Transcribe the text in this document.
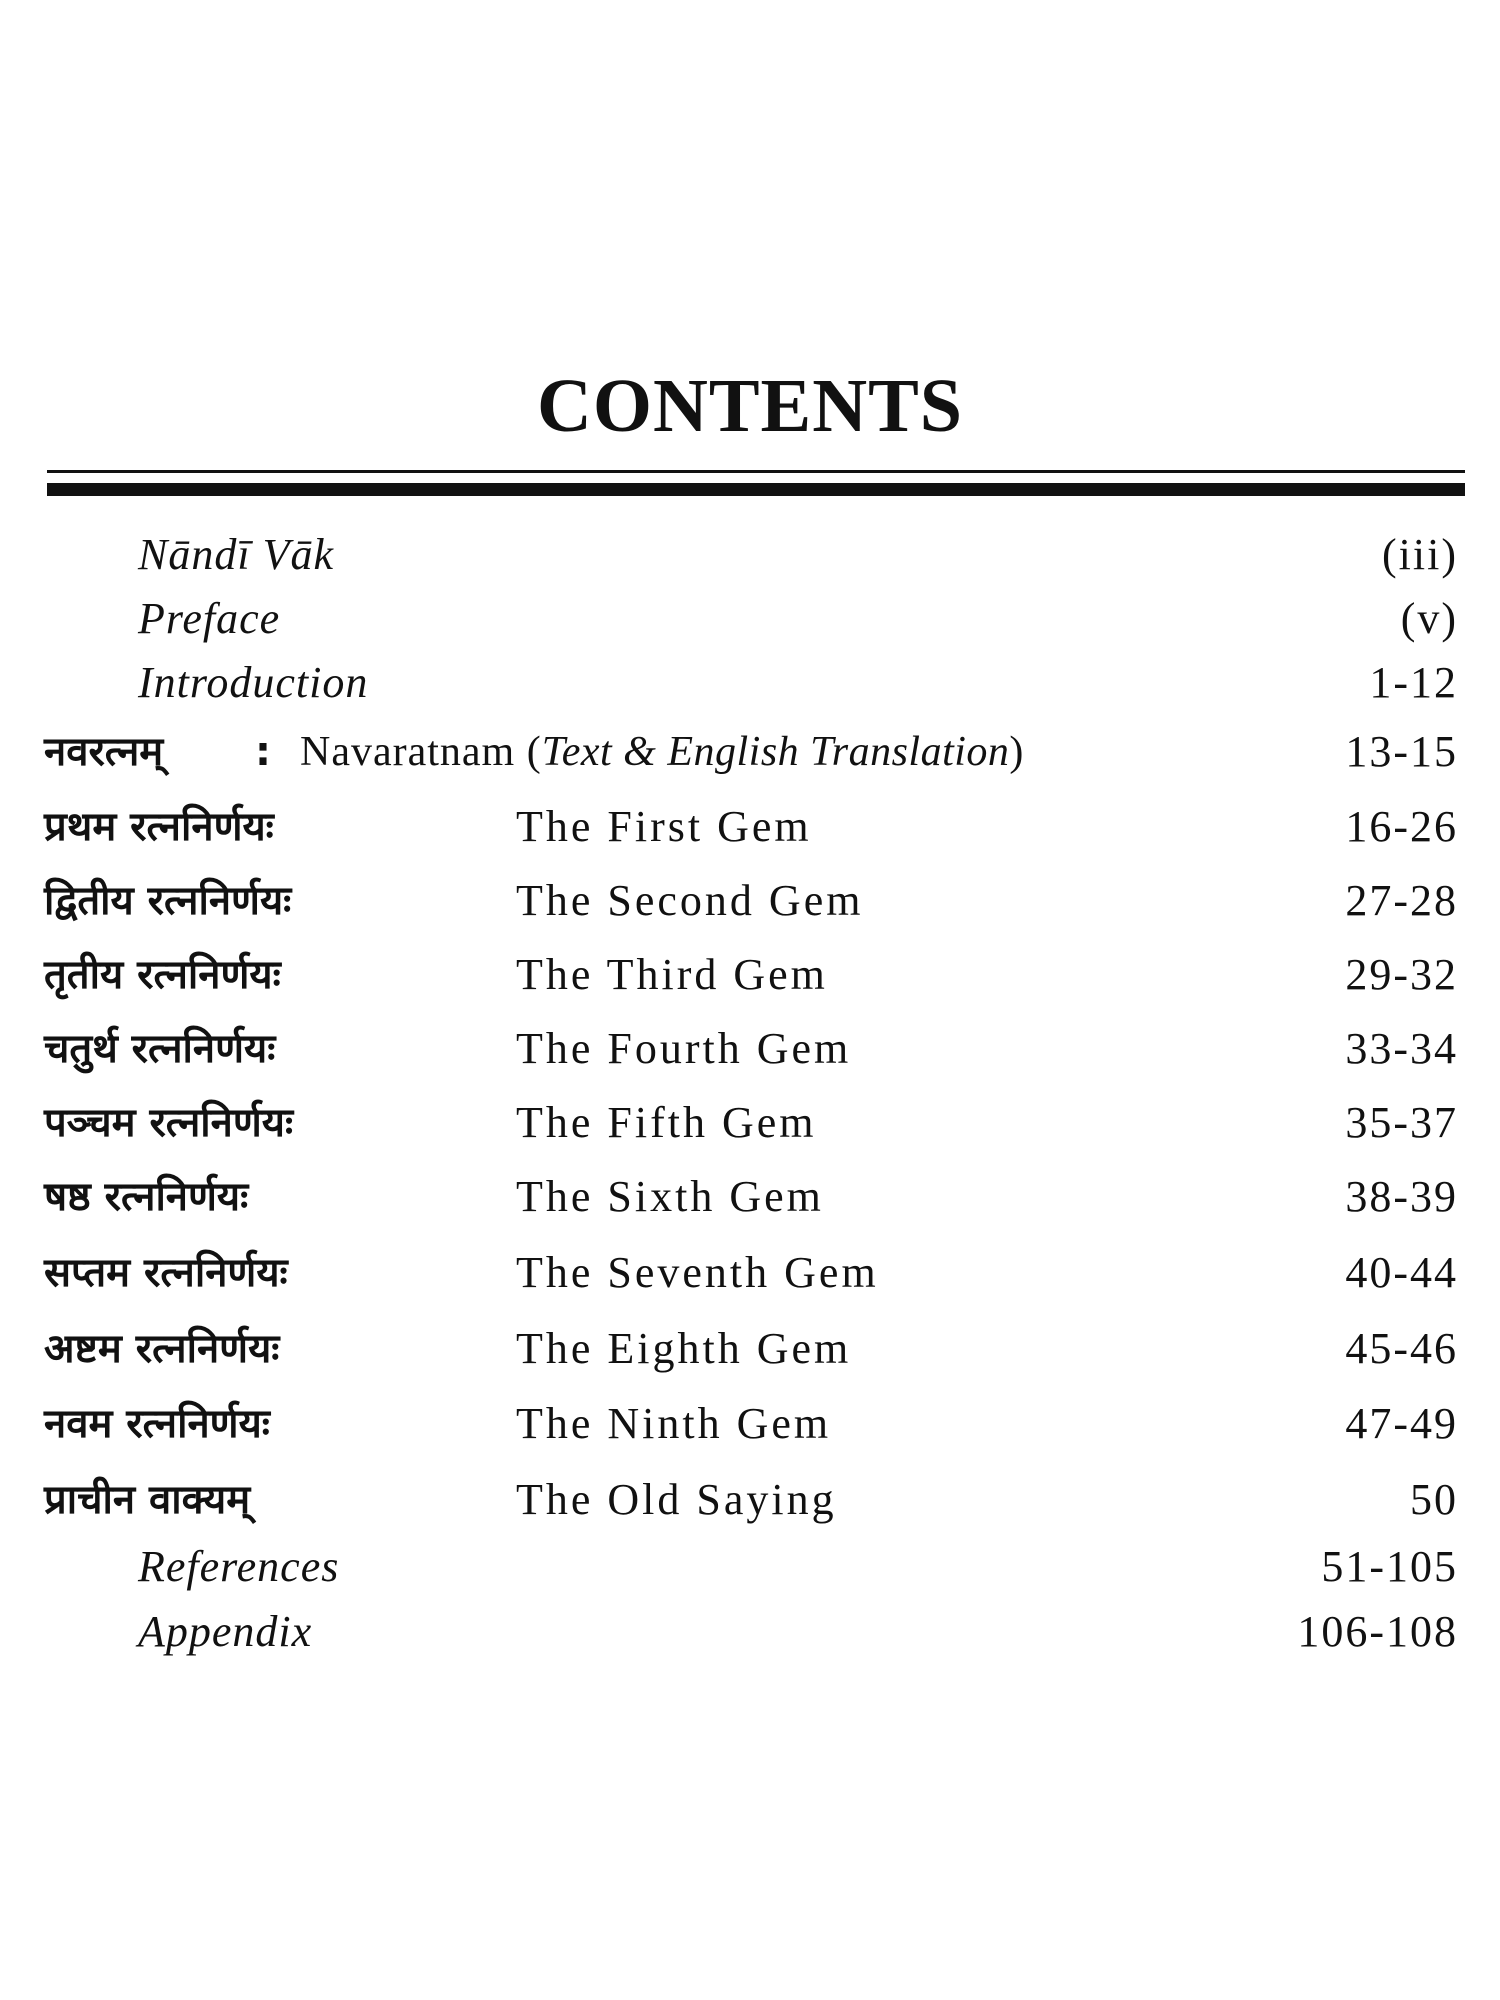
CONTENTS
Nāndī Vāk	(iii)
Preface	(v)
Introduction	1-12
नवरत्नम् : Navaratnam (Text & English Translation)	13-15
प्रथम रत्ननिर्णयः	The First Gem	16-26
द्वितीय रत्ननिर्णयः	The Second Gem	27-28
तृतीय रत्ननिर्णयः	The Third Gem	29-32
चतुर्थ रत्ननिर्णयः	The Fourth Gem	33-34
पञ्चम रत्ननिर्णयः	The Fifth Gem	35-37
षष्ठ रत्ननिर्णयः	The Sixth Gem	38-39
सप्तम रत्ननिर्णयः	The Seventh Gem	40-44
अष्टम रत्ननिर्णयः	The Eighth Gem	45-46
नवम रत्ननिर्णयः	The Ninth Gem	47-49
प्राचीन वाक्यम्	The Old Saying	50
References	51-105
Appendix	106-108
